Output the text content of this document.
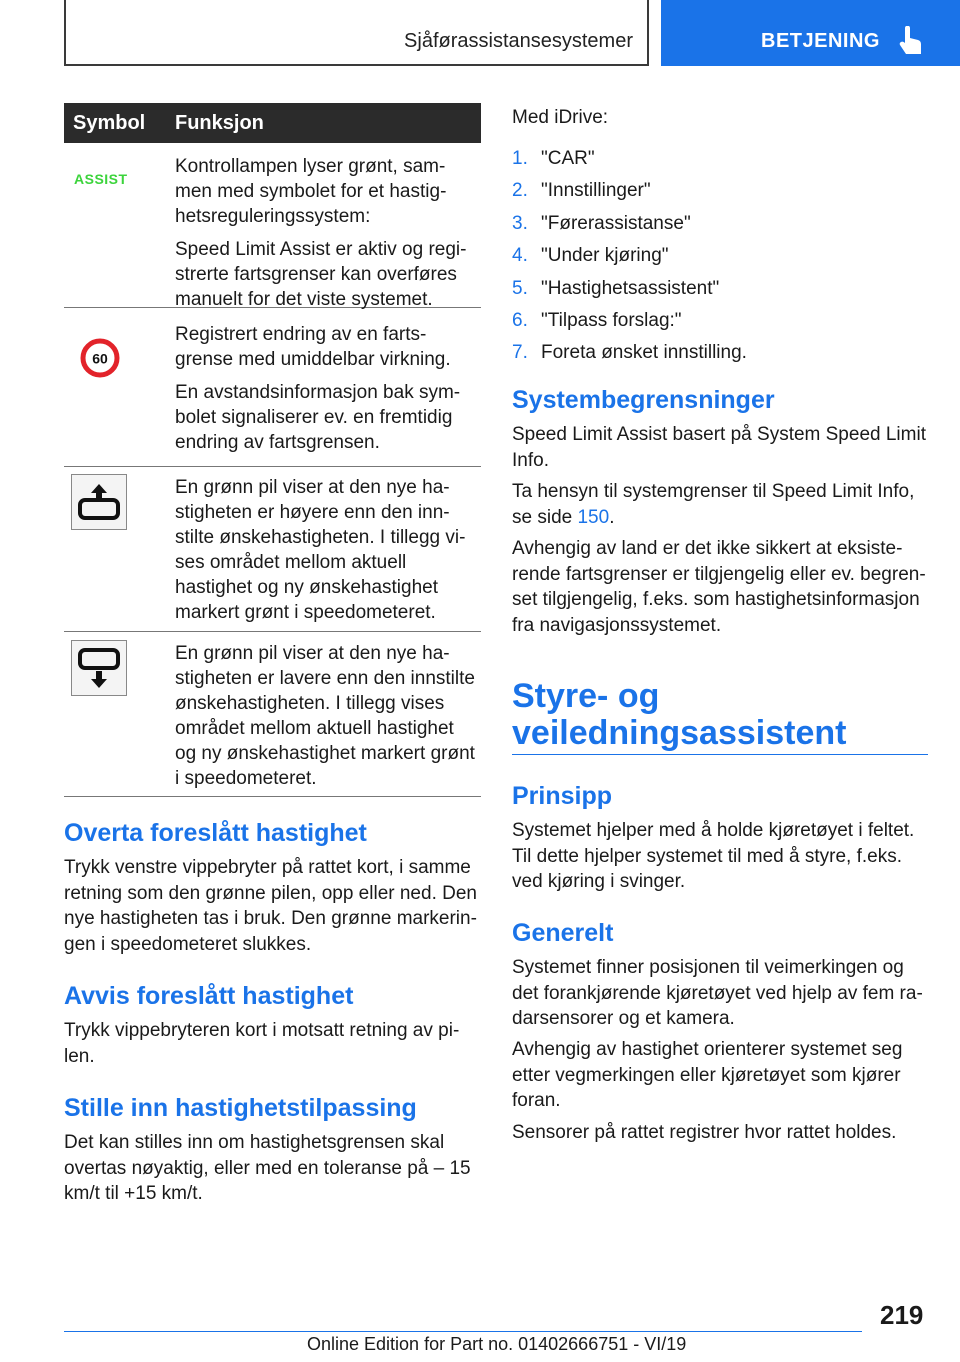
Sjåførassistansesystemer	BETJENING
Symbol Funksjon
ASSIST

Kontrollampen lyser grønt, sammen med symbolet for et hastighetsreguleringssystem:

Speed Limit Assist er aktiv og registrerte fartsgrenser kan overføres manuelt for det viste systemet.

60

Registrert endring av en fartsgrense med umiddelbar virkning.

En avstandsinformasjon bak symbolet signaliserer ev. en fremtidig endring av fartsgrensen.

En grønn pil viser at den nye hastigheten er høyere enn den innstilte ønskehastigheten. I tillegg vises området mellom aktuell hastighet og ny ønskehastighet markert grønt i speedometeret.

En grønn pil viser at den nye hastigheten er lavere enn den innstilte ønskehastigheten. I tillegg vises området mellom aktuell hastighet og ny ønskehastighet markert grønt i speedometeret.

Overta foreslått hastighet
Trykk venstre vippebryter på rattet kort, i samme retning som den grønne pilen, opp eller ned. Den nye hastigheten tas i bruk. Den grønne markeringen i speedometeret slukkes.
Avvis foreslått hastighet
Trykk vippebryteren kort i motsatt retning av pilen.
Stille inn hastighetstilpassing
Det kan stilles inn om hastighetsgrensen skal overtas nøyaktig, eller med en toleranse på – 15 km/t til +15 km/t.
Med iDrive:
1. "CAR"
2. "Innstillinger"
3. "Førerassistanse"
4. "Under kjøring"
5. "Hastighetsassistent"
6. "Tilpass forslag:"
7. Foreta ønsket innstilling.
Systembegrensninger
Speed Limit Assist basert på System Speed Limit Info.
Ta hensyn til systemgrenser til Speed Limit Info, se side 150.
Avhengig av land er det ikke sikkert at eksisterende fartsgrenser er tilgjengelig eller ev. begrenset tilgjengelig, f.eks. som hastighetsinformasjon fra navigasjonssystemet.
Styre- og
veiledningsassistent
Prinsipp
Systemet hjelper med å holde kjøretøyet i feltet. Til dette hjelper systemet til med å styre, f.eks. ved kjøring i svinger.
Generelt
Systemet finner posisjonen til veimerkingen og det forankjørende kjøretøyet ved hjelp av fem radarsensorer og et kamera.
Avhengig av hastighet orienterer systemet seg etter vegmerkingen eller kjøretøyet som kjører foran.
Sensorer på rattet registrer hvor rattet holdes.
219
Online Edition for Part no. 01402666751 - VI/19
